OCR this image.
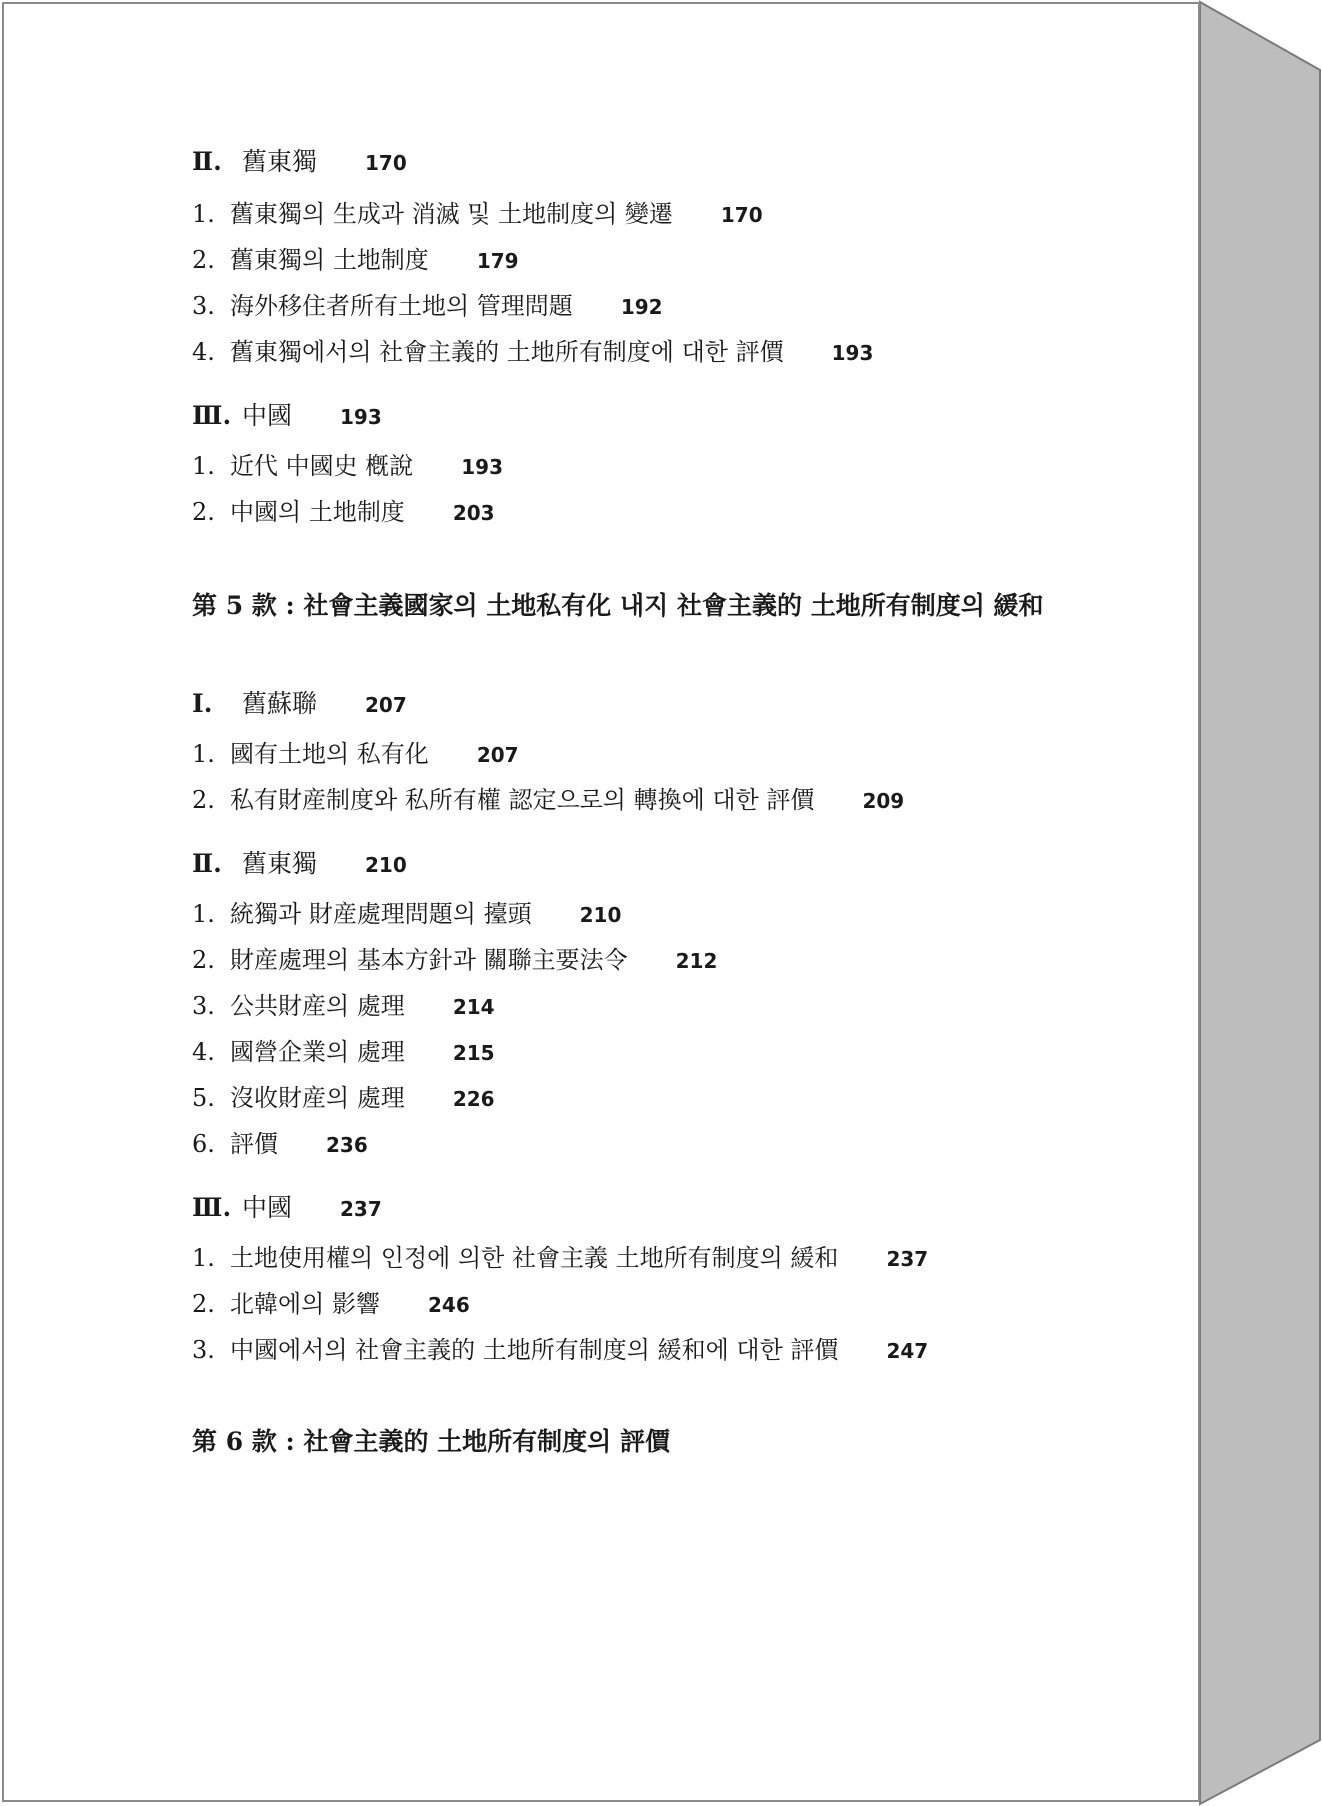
Ⅱ. 舊東獨 170
1. 舊東獨의 生成과 消滅 및 土地制度의 變遷 170
2. 舊東獨의 土地制度 179
3. 海外移住者所有土地의 管理問題 192
4. 舊東獨에서의 社會主義的 土地所有制度에 대한 評價 193
Ⅲ. 中國 193
1. 近代 中國史 槪說 193
2. 中國의 土地制度 203
第 5 款 : 社會主義國家의 土地私有化 내지 社會主義的 土地所有制度의 緩和
Ⅰ. 舊蘇聯 207
1. 國有土地의 私有化 207
2. 私有財産制度와 私所有權 認定으로의 轉換에 대한 評價 209
Ⅱ. 舊東獨 210
1. 統獨과 財産處理問題의 擡頭 210
2. 財産處理의 基本方針과 關聯主要法令 212
3. 公共財産의 處理 214
4. 國營企業의 處理 215
5. 沒收財産의 處理 226
6. 評價 236
Ⅲ. 中國 237
1. 土地使用權의 인정에 의한 社會主義 土地所有制度의 緩和 237
2. 北韓에의 影響 246
3. 中國에서의 社會主義的 土地所有制度의 緩和에 대한 評價 247
第 6 款 : 社會主義的 土地所有制度의 評價
